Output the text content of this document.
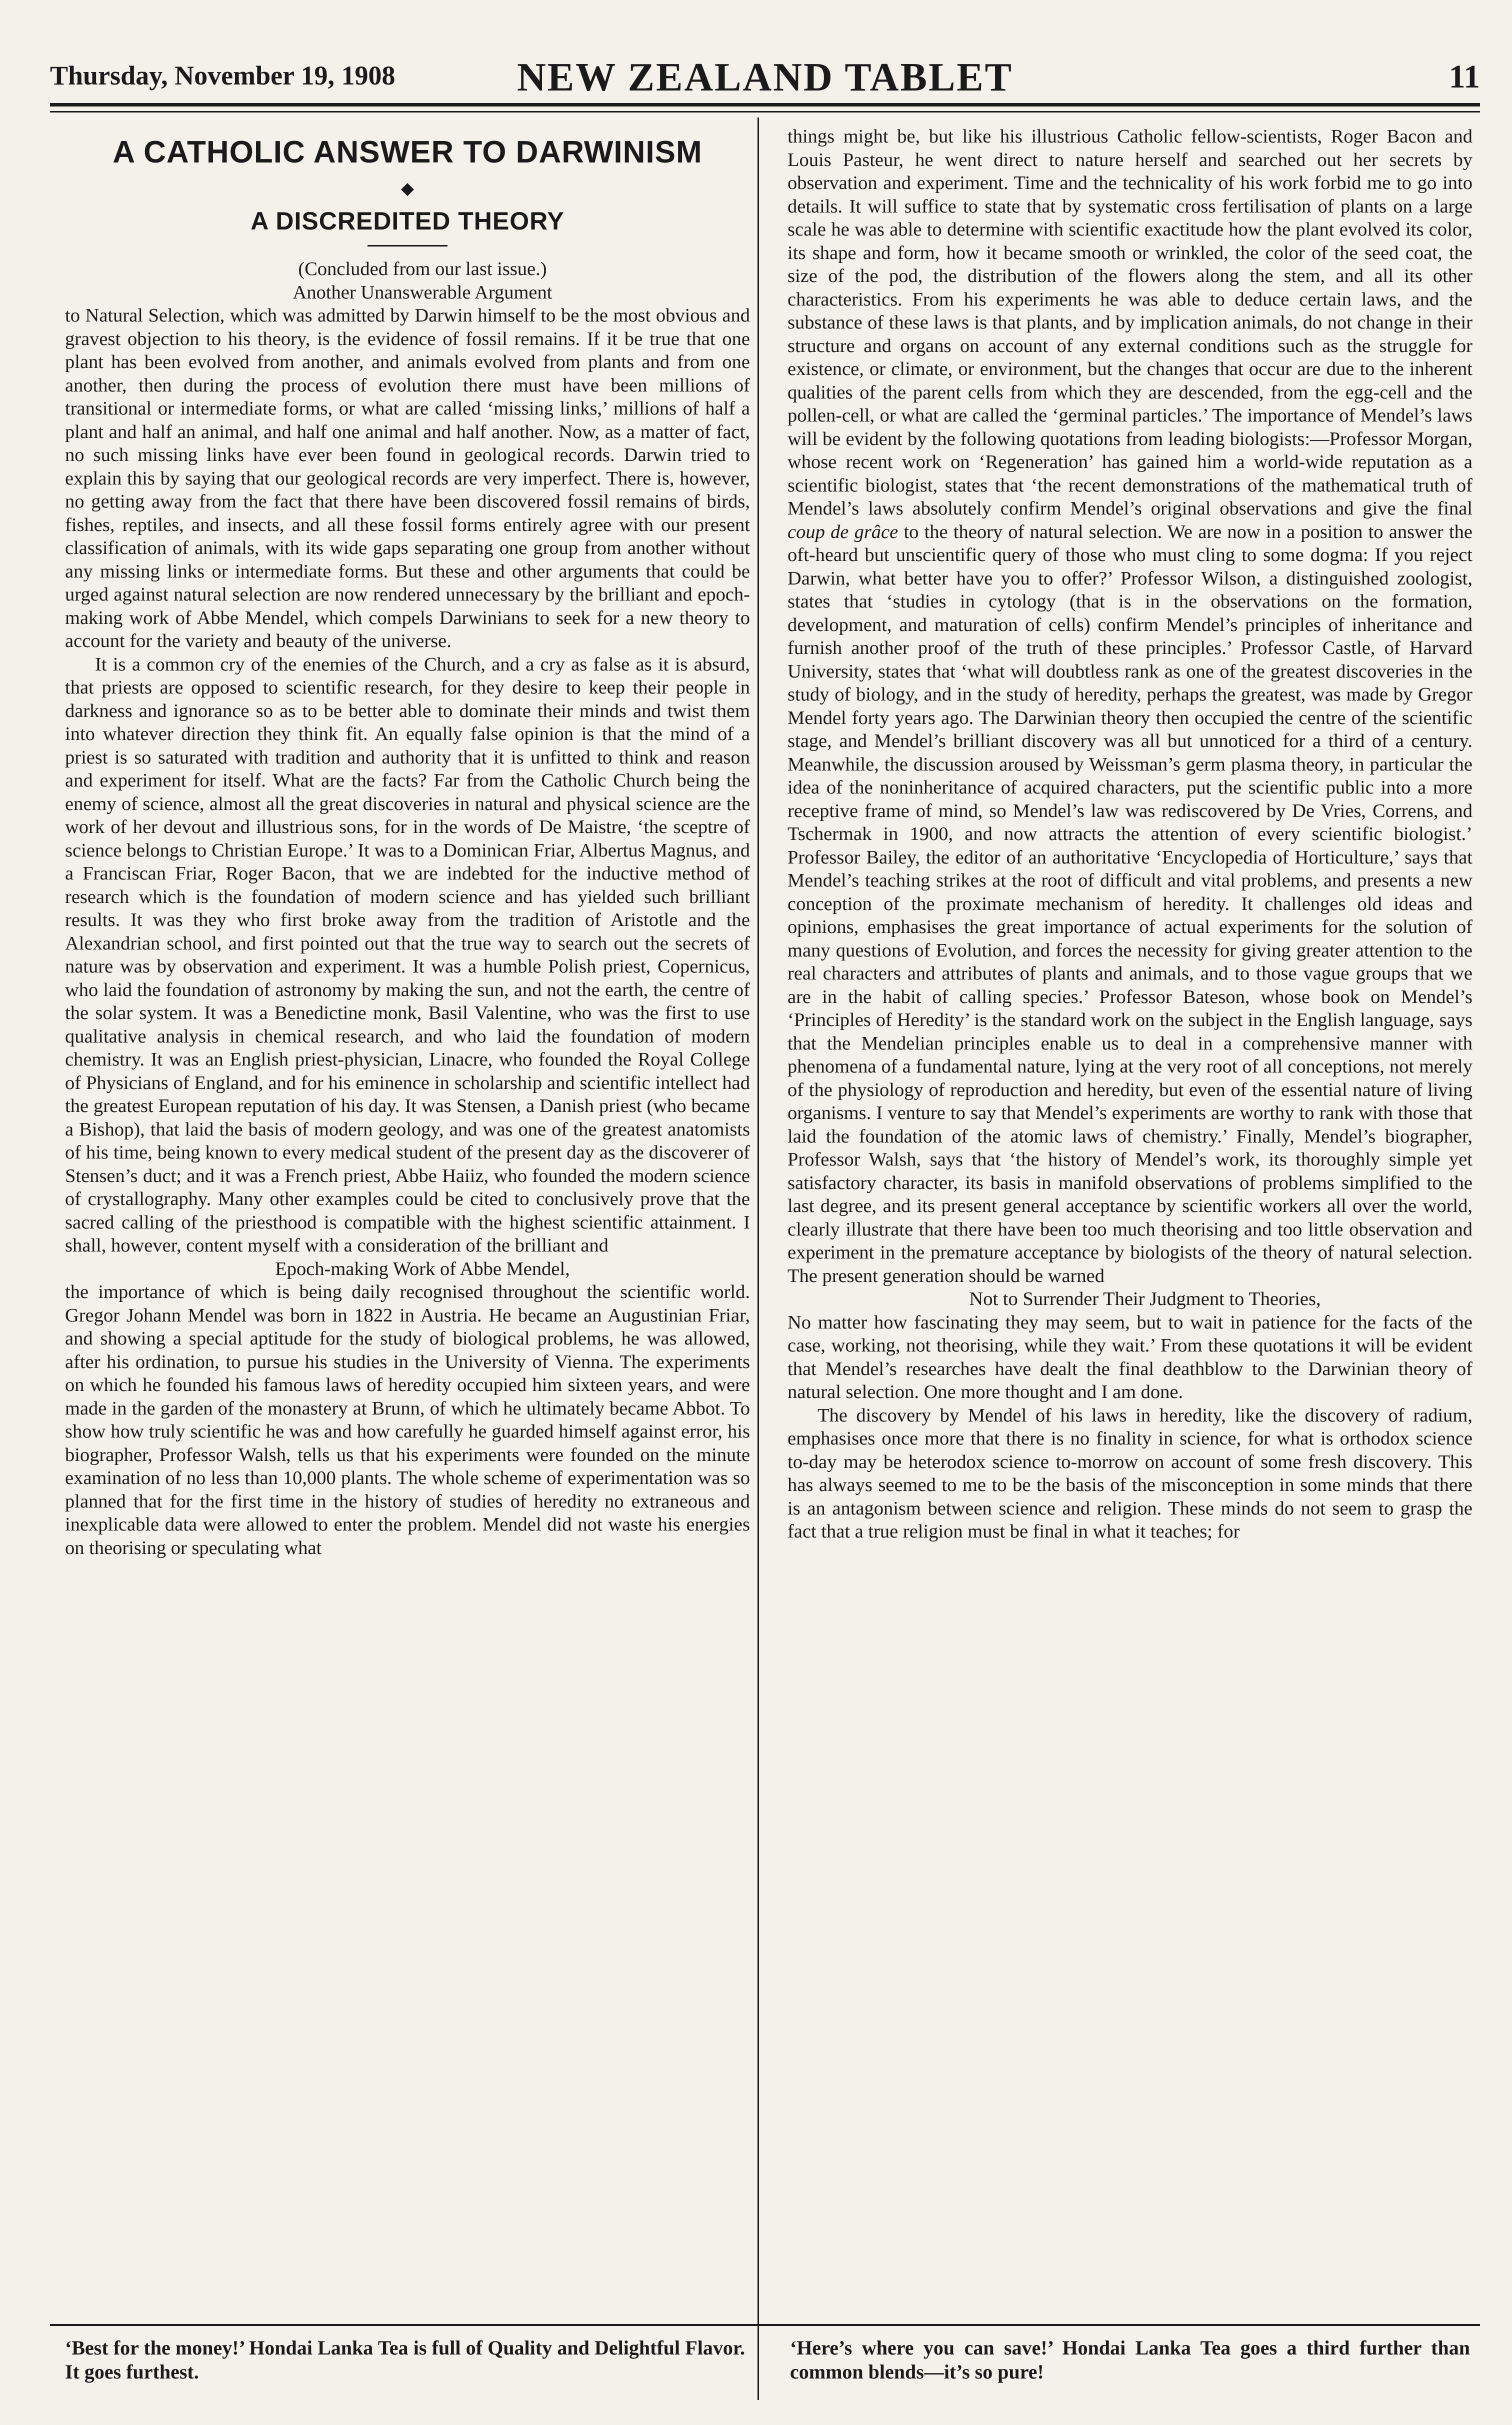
Thursday, November 19, 1908	NEW ZEALAND TABLET	11
A CATHOLIC ANSWER TO DARWINISM
◆
A DISCREDITED THEORY

(Concluded from our last issue.)

Another Unanswerable Argument

to Natural Selection, which was admitted by Darwin himself to be the most obvious and gravest objection to his theory, is the evidence of fossil remains. If it be true that one plant has been evolved from another, and animals evolved from plants and from one another, then during the process of evolution there must have been millions of transitional or intermediate forms, or what are called ‘missing links,’ millions of half a plant and half an animal, and half one animal and half another. Now, as a matter of fact, no such missing links have ever been found in geological records. Darwin tried to explain this by saying that our geological records are very imperfect. There is, however, no getting away from the fact that there have been discovered fossil remains of birds, fishes, reptiles, and insects, and all these fossil forms entirely agree with our present classification of animals, with its wide gaps separating one group from another without any missing links or intermediate forms. But these and other arguments that could be urged against natural selection are now rendered unnecessary by the brilliant and epoch-making work of Abbe Mendel, which compels Darwinians to seek for a new theory to account for the variety and beauty of the universe.

It is a common cry of the enemies of the Church, and a cry as false as it is absurd, that priests are opposed to scientific research, for they desire to keep their people in darkness and ignorance so as to be better able to dominate their minds and twist them into whatever direction they think fit. An equally false opinion is that the mind of a priest is so saturated with tradition and authority that it is unfitted to think and reason and experiment for itself. What are the facts? Far from the Catholic Church being the enemy of science, almost all the great discoveries in natural and physical science are the work of her devout and illustrious sons, for in the words of De Maistre, ‘the sceptre of science belongs to Christian Europe.’ It was to a Dominican Friar, Albertus Magnus, and a Franciscan Friar, Roger Bacon, that we are indebted for the inductive method of research which is the foundation of modern science and has yielded such brilliant results. It was they who first broke away from the tradition of Aristotle and the Alexandrian school, and first pointed out that the true way to search out the secrets of nature was by observation and experiment. It was a humble Polish priest, Copernicus, who laid the foundation of astronomy by making the sun, and not the earth, the centre of the solar system. It was a Benedictine monk, Basil Valentine, who was the first to use qualitative analysis in chemical research, and who laid the foundation of modern chemistry. It was an English priest-physician, Linacre, who founded the Royal College of Physicians of England, and for his eminence in scholarship and scientific intellect had the greatest European reputation of his day. It was Stensen, a Danish priest (who became a Bishop), that laid the basis of modern geology, and was one of the greatest anatomists of his time, being known to every medical student of the present day as the discoverer of Stensen’s duct; and it was a French priest, Abbe Haiiz, who founded the modern science of crystallography. Many other examples could be cited to conclusively prove that the sacred calling of the priesthood is compatible with the highest scientific attainment. I shall, however, content myself with a consideration of the brilliant and

Epoch-making Work of Abbe Mendel,

the importance of which is being daily recognised throughout the scientific world. Gregor Johann Mendel was born in 1822 in Austria. He became an Augustinian Friar, and showing a special aptitude for the study of biological problems, he was allowed, after his ordination, to pursue his studies in the University of Vienna. The experiments on which he founded his famous laws of heredity occupied him sixteen years, and were made in the garden of the monastery at Brunn, of which he ultimately became Abbot. To show how truly scientific he was and how carefully he guarded himself against error, his biographer, Professor Walsh, tells us that his experiments were founded on the minute examination of no less than 10,000 plants. The whole scheme of experimentation was so planned that for the first time in the history of studies of heredity no extraneous and inexplicable data were allowed to enter the problem. Mendel did not waste his energies on theorising or speculating what

things might be, but like his illustrious Catholic fellow-scientists, Roger Bacon and Louis Pasteur, he went direct to nature herself and searched out her secrets by observation and experiment. Time and the technicality of his work forbid me to go into details. It will suffice to state that by systematic cross fertilisation of plants on a large scale he was able to determine with scientific exactitude how the plant evolved its color, its shape and form, how it became smooth or wrinkled, the color of the seed coat, the size of the pod, the distribution of the flowers along the stem, and all its other characteristics. From his experiments he was able to deduce certain laws, and the substance of these laws is that plants, and by implication animals, do not change in their structure and organs on account of any external conditions such as the struggle for existence, or climate, or environment, but the changes that occur are due to the inherent qualities of the parent cells from which they are descended, from the egg-cell and the pollen-cell, or what are called the ‘germinal particles.’ The importance of Mendel’s laws will be evident by the following quotations from leading biologists:—Professor Morgan, whose recent work on ‘Regeneration’ has gained him a world-wide reputation as a scientific biologist, states that ‘the recent demonstrations of the mathematical truth of Mendel’s laws absolutely confirm Mendel’s original observations and give the final coup de grâce to the theory of natural selection. We are now in a position to answer the oft-heard but unscientific query of those who must cling to some dogma: If you reject Darwin, what better have you to offer?’ Professor Wilson, a distinguished zoologist, states that ‘studies in cytology (that is in the observations on the formation, development, and maturation of cells) confirm Mendel’s principles of inheritance and furnish another proof of the truth of these principles.’ Professor Castle, of Harvard University, states that ‘what will doubtless rank as one of the greatest discoveries in the study of biology, and in the study of heredity, perhaps the greatest, was made by Gregor Mendel forty years ago. The Darwinian theory then occupied the centre of the scientific stage, and Mendel’s brilliant discovery was all but unnoticed for a third of a century. Meanwhile, the discussion aroused by Weissman’s germ plasma theory, in particular the idea of the noninheritance of acquired characters, put the scientific public into a more receptive frame of mind, so Mendel’s law was rediscovered by De Vries, Correns, and Tschermak in 1900, and now attracts the attention of every scientific biologist.’ Professor Bailey, the editor of an authoritative ‘Encyclopedia of Horticulture,’ says that Mendel’s teaching strikes at the root of difficult and vital problems, and presents a new conception of the proximate mechanism of heredity. It challenges old ideas and opinions, emphasises the great importance of actual experiments for the solution of many questions of Evolution, and forces the necessity for giving greater attention to the real characters and attributes of plants and animals, and to those vague groups that we are in the habit of calling species.’ Professor Bateson, whose book on Mendel’s ‘Principles of Heredity’ is the standard work on the subject in the English language, says that the Mendelian principles enable us to deal in a comprehensive manner with phenomena of a fundamental nature, lying at the very root of all conceptions, not merely of the physiology of reproduction and heredity, but even of the essential nature of living organisms. I venture to say that Mendel’s experiments are worthy to rank with those that laid the foundation of the atomic laws of chemistry.’ Finally, Mendel’s biographer, Professor Walsh, says that ‘the history of Mendel’s work, its thoroughly simple yet satisfactory character, its basis in manifold observations of problems simplified to the last degree, and its present general acceptance by scientific workers all over the world, clearly illustrate that there have been too much theorising and too little observation and experiment in the premature acceptance by biologists of the theory of natural selection. The present generation should be warned

Not to Surrender Their Judgment to Theories,

No matter how fascinating they may seem, but to wait in patience for the facts of the case, working, not theorising, while they wait.’ From these quotations it will be evident that Mendel’s researches have dealt the final deathblow to the Darwinian theory of natural selection. One more thought and I am done.

The discovery by Mendel of his laws in heredity, like the discovery of radium, emphasises once more that there is no finality in science, for what is orthodox science to-day may be heterodox science to-morrow on account of some fresh discovery. This has always seemed to me to be the basis of the misconception in some minds that there is an antagonism between science and religion. These minds do not seem to grasp the fact that a true religion must be final in what it teaches; for

‘Best for the money!’ Hondai Lanka Tea is full of Quality and Delightful Flavor. It goes furthest.
‘Here’s where you can save!’ Hondai Lanka Tea goes a third further than common blends—it’s so pure!
